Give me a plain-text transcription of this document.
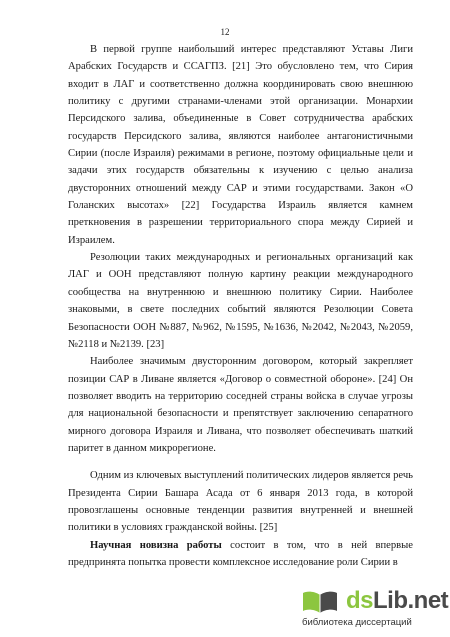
12

В первой группе наибольший интерес представляют Уставы Лиги Арабских Государств и ССАГПЗ. [21] Это обусловлено тем, что Сирия входит в ЛАГ и соответственно должна координировать свою внешнюю политику с другими странами-членами этой организации. Монархии Персидского залива, объединенные в Совет сотрудничества арабских государств Персидского залива, являются наиболее антагонистичными Сирии (после Израиля) режимами в регионе, поэтому официальные цели и задачи этих государств обязательны к изучению с целью анализа двусторонних отношений между САР и этими государствами. Закон «О Голанских высотах» [22] Государства Израиль является камнем преткновения в разрешении территориального спора между Сирией и Израилем.

Резолюции таких международных и региональных организаций как ЛАГ и ООН представляют полную картину реакции международного сообщества на внутреннюю и внешнюю политику Сирии. Наиболее знаковыми, в свете последних событий являются Резолюции Совета Безопасности ООН №887, №962, №1595, №1636, №2042, №2043, №2059, №2118 и №2139. [23]

Наиболее значимым двусторонним договором, который закрепляет позиции САР в Ливане является «Договор о совместной обороне». [24] Он позволяет вводить на территорию соседней страны войска в случае угрозы для национальной безопасности и препятствует заключению сепаратного мирного договора Израиля и Ливана, что позволяет обеспечивать шаткий паритет в данном микрорегионе.

Одним из ключевых выступлений политических лидеров является речь Президента Сирии Башара Асада от 6 января 2013 года, в которой провозглашены основные тенденции развития внутренней и внешней политики в условиях гражданской войны. [25]

Научная новизна работы состоит в том, что в ней впервые предпринята попытка провести комплексное исследование роли Сирии в

dsLib.net
библиотека диссертаций
